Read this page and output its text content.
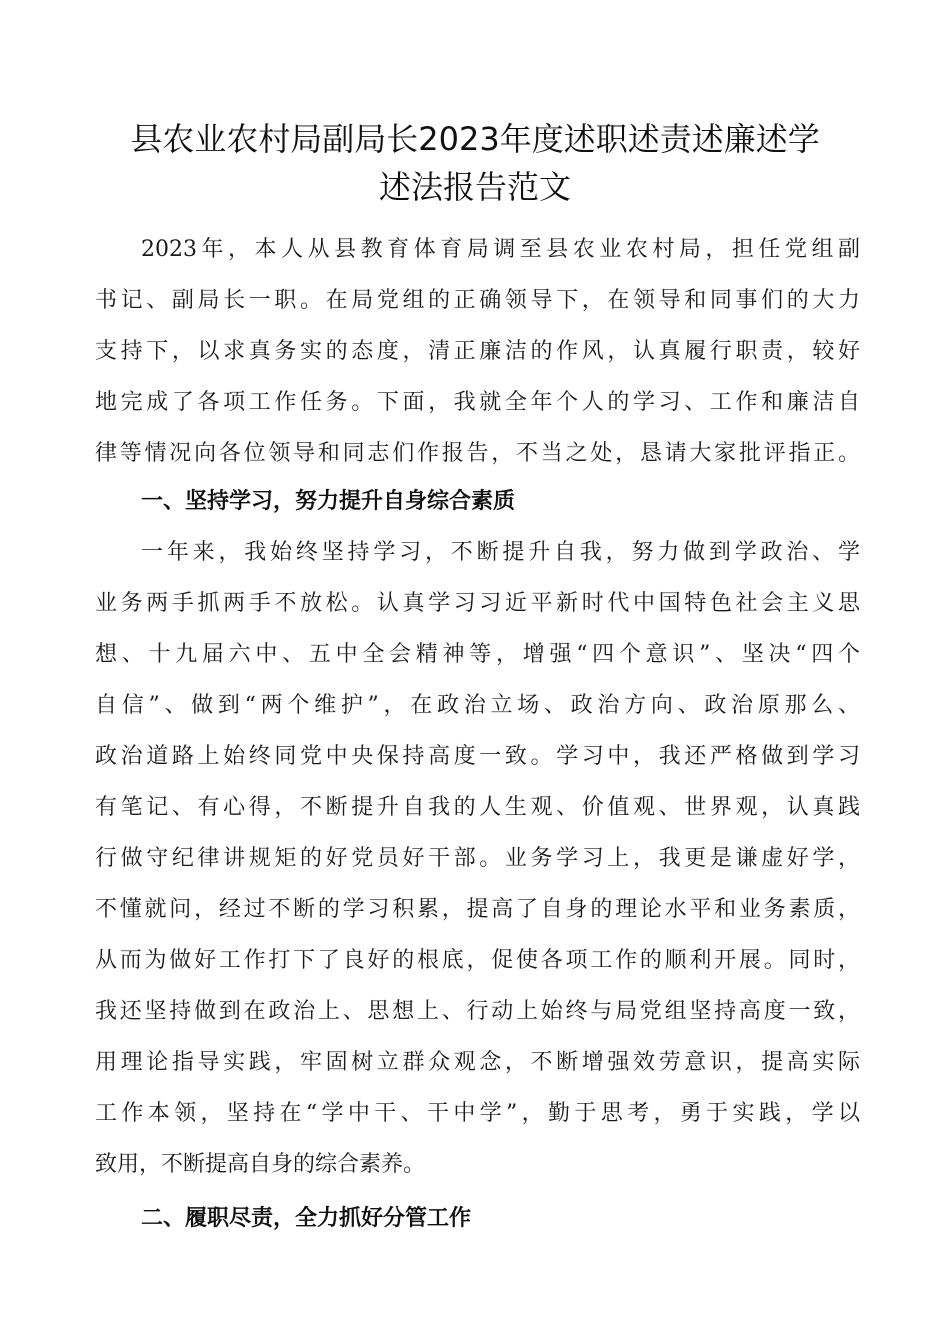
县农业农村局副局长2023年度述职述责述廉述学
述法报告范文
2023年，本人从县教育体育局调至县农业农村局，担任党组副
书记、副局长一职。在局党组的正确领导下，在领导和同事们的大力
支持下，以求真务实的态度，清正廉洁的作风，认真履行职责，较好
地完成了各项工作任务。下面，我就全年个人的学习、工作和廉洁自
律等情况向各位领导和同志们作报告，不当之处，恳请大家批评指正。
一、坚持学习，努力提升自身综合素质
一年来，我始终坚持学习，不断提升自我，努力做到学政治、学
业务两手抓两手不放松。认真学习习近平新时代中国特色社会主义思
想、十九届六中、五中全会精神等，增强“四个意识”、坚决“四个
自信”、做到“两个维护”，在政治立场、政治方向、政治原那么、
政治道路上始终同党中央保持高度一致。学习中，我还严格做到学习
有笔记、有心得，不断提升自我的人生观、价值观、世界观，认真践
行做守纪律讲规矩的好党员好干部。业务学习上，我更是谦虚好学，
不懂就问，经过不断的学习积累，提高了自身的理论水平和业务素质，
从而为做好工作打下了良好的根底，促使各项工作的顺利开展。同时，
我还坚持做到在政治上、思想上、行动上始终与局党组坚持高度一致，
用理论指导实践，牢固树立群众观念，不断增强效劳意识，提高实际
工作本领，坚持在“学中干、干中学”，勤于思考，勇于实践，学以
致用，不断提高自身的综合素养。
二、履职尽责，全力抓好分管工作
